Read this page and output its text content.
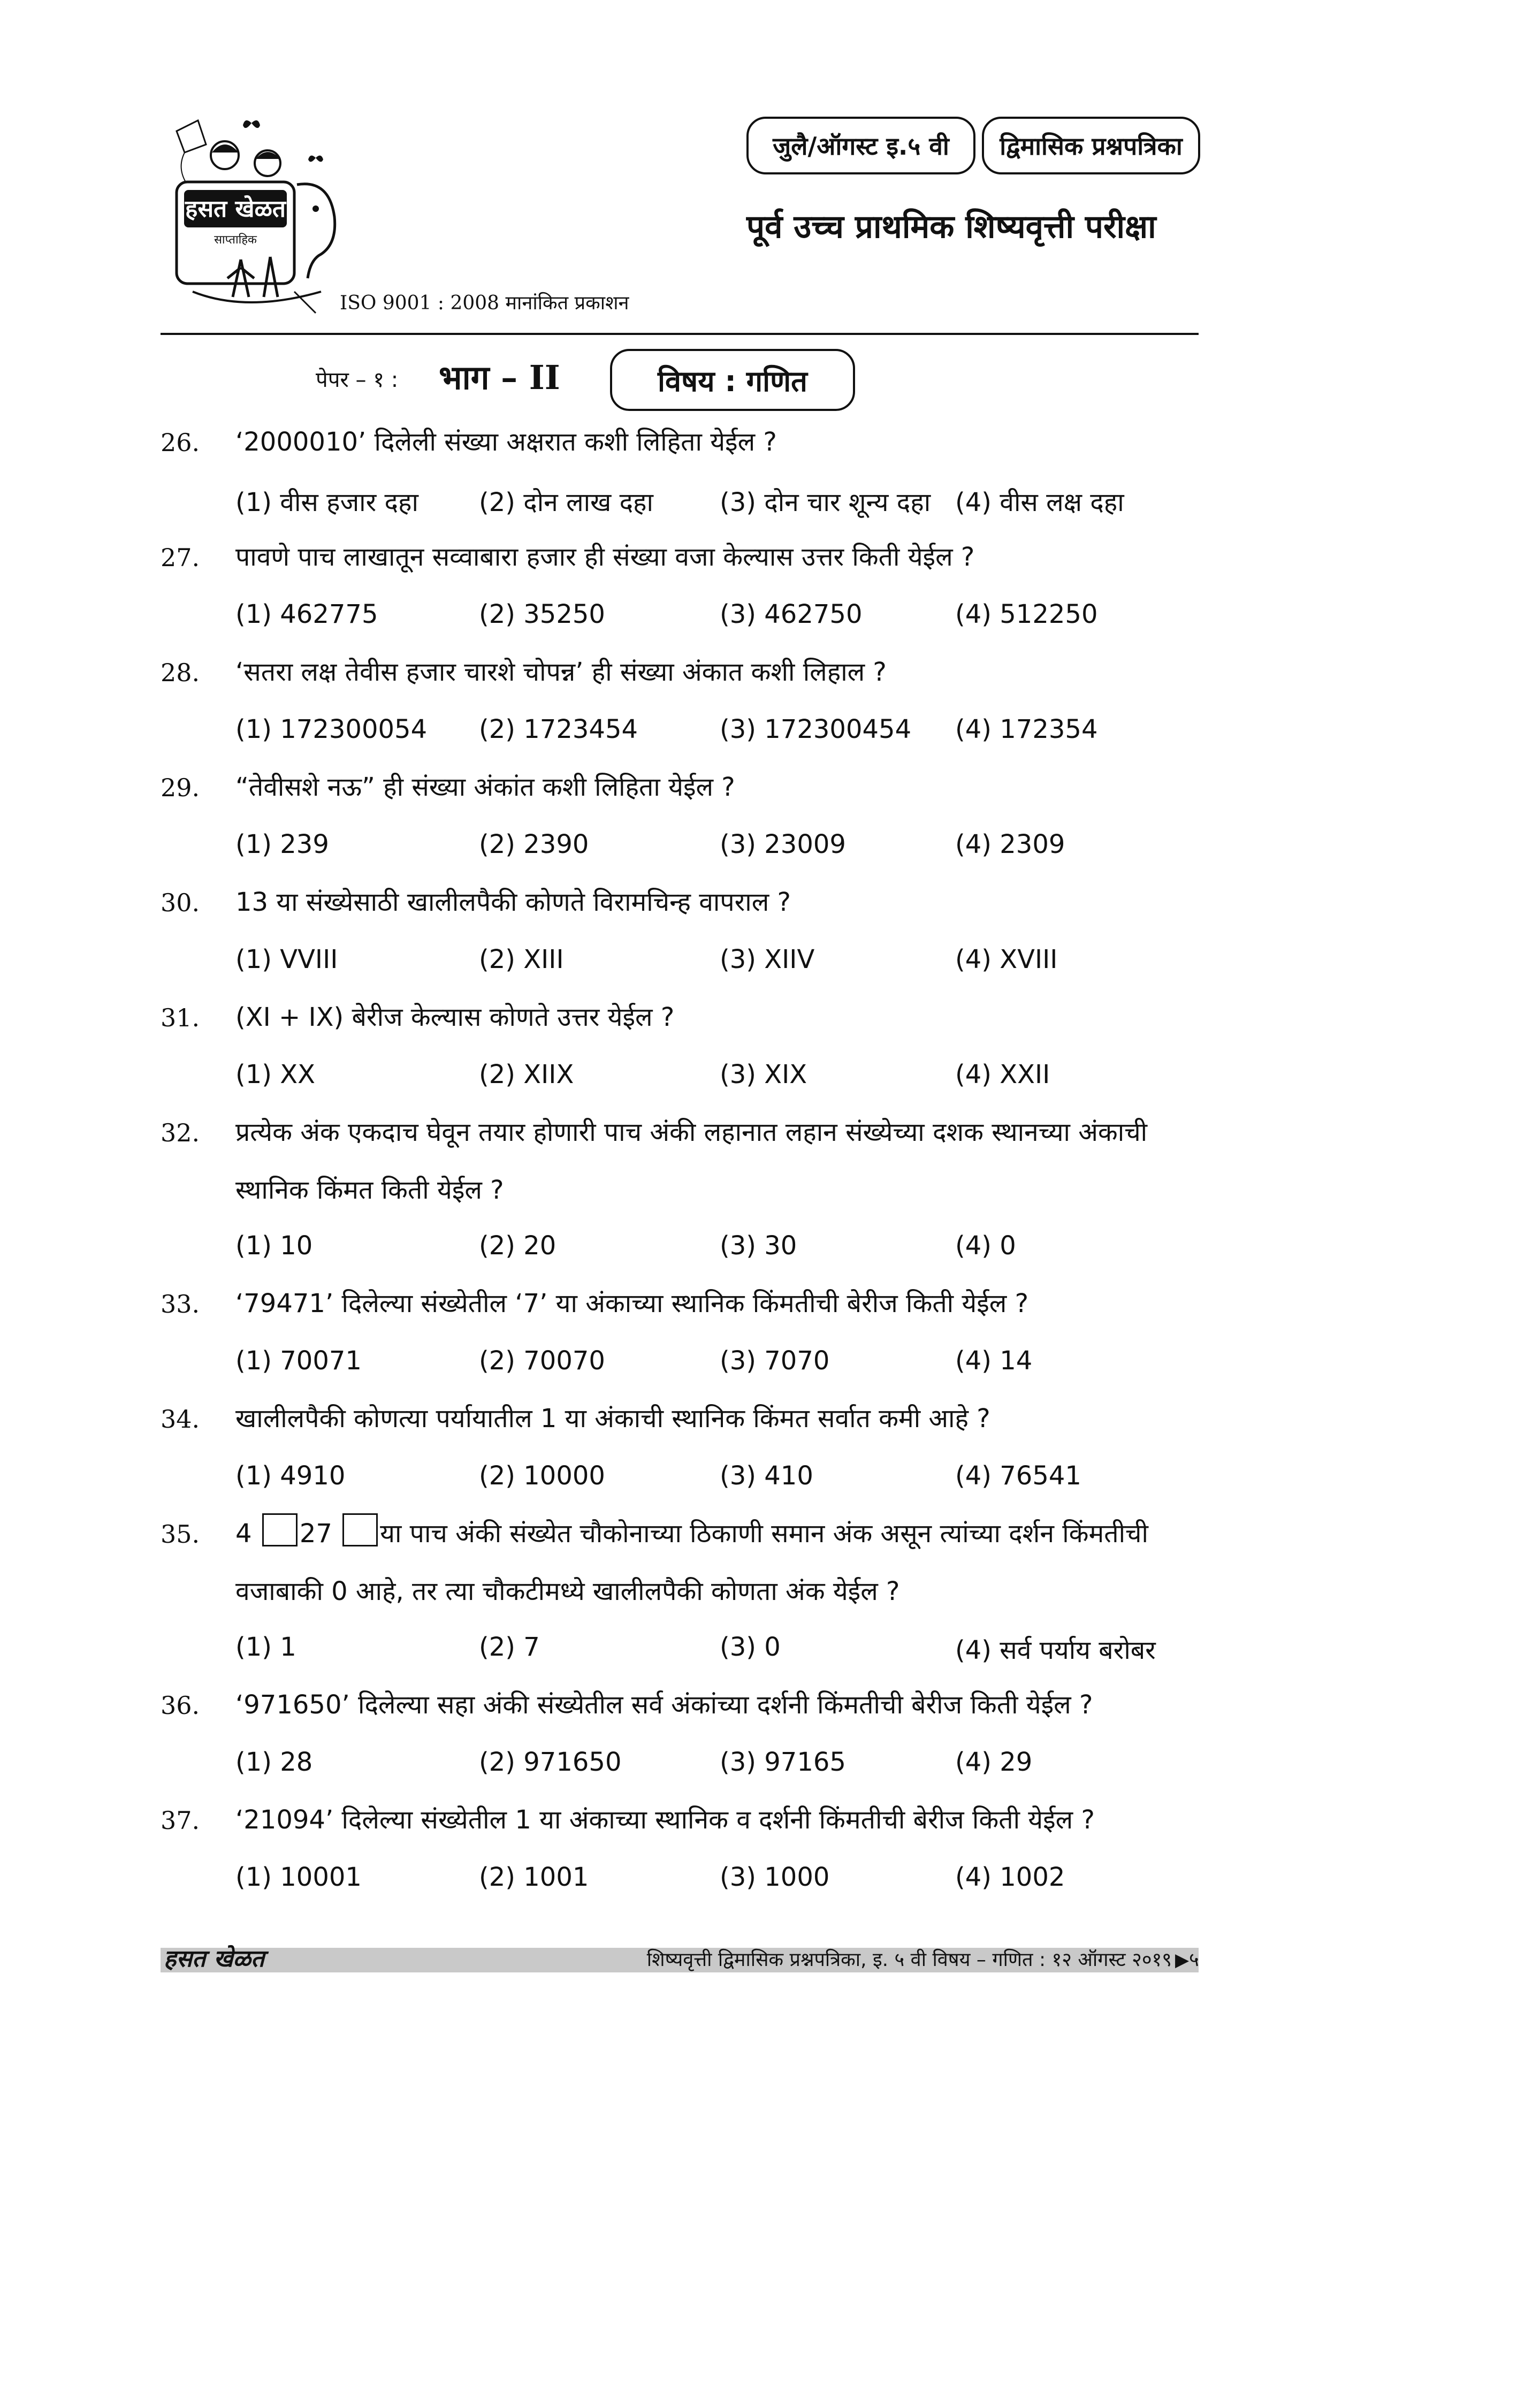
हसत खेळत
साप्ताहिक
ISO 9001 : 2008 मानांकित प्रकाशन
जुलै/ऑगस्ट इ.५ वी	द्विमासिक प्रश्नपत्रिका
पूर्व उच्च प्राथमिक शिष्यवृत्ती परीक्षा
पेपर – १ : भाग – II	विषय : गणित
26.	‘2000010’ दिलेली संख्या अक्षरात कशी लिहिता येईल ?
(1) वीस हजार दहा (2) दोन लाख दहा	(3) दोन चार शून्य दहा (4) वीस लक्ष दहा
27.	पावणे पाच लाखातून सव्वाबारा हजार ही संख्या वजा केल्यास उत्तर किती येईल ?
(1) 462775	(2) 35250	(3) 462750	(4) 512250
28.	‘सतरा लक्ष तेवीस हजार चारशे चोपन्न’ ही संख्या अंकात कशी लिहाल ?
(1) 172300054 (2) 1723454	(3) 172300454 (4) 172354
29.	“तेवीसशे नऊ” ही संख्या अंकांत कशी लिहिता येईल ?
(1) 239	(2) 2390	(3) 23009	(4) 2309
30.	13 या संख्येसाठी खालीलपैकी कोणते विरामचिन्ह वापराल ?
(1) VVIII	(2) XIII	(3) XIIV	(4) XVIII
31.	(XI + IX) बेरीज केल्यास कोणते उत्तर येईल ?
(1) XX	(2) XIIX	(3) XIX	(4) XXII
32.	प्रत्येक अंक एकदाच घेवून तयार होणारी पाच अंकी लहानात लहान संख्येच्या दशक स्थानच्या अंकाची स्थानिक किंमत किती येईल ?
(1) 10	(2) 20	(3) 30	(4) 0
33.	‘79471’ दिलेल्या संख्येतील ‘7’ या अंकाच्या स्थानिक किंमतीची बेरीज किती येईल ?
(1) 70071	(2) 70070	(3) 7070	(4) 14
34.	खालीलपैकी कोणत्या पर्यायातील 1 या अंकाची स्थानिक किंमत सर्वात कमी आहे ?
(1) 4910	(2) 10000	(3) 410	(4) 76541
35.	4 27 या पाच अंकी संख्येत चौकोनाच्या ठिकाणी समान अंक असून त्यांच्या दर्शन किंमतीची वजाबाकी 0 आहे, तर त्या चौकटीमध्ये खालीलपैकी कोणता अंक येईल ?
(1) 1	(2) 7	(3) 0	(4) सर्व पर्याय बरोबर
36.	‘971650’ दिलेल्या सहा अंकी संख्येतील सर्व अंकांच्या दर्शनी किंमतीची बेरीज किती येईल ?
(1) 28	(2) 971650	(3) 97165	(4) 29
37.	‘21094’ दिलेल्या संख्येतील 1 या अंकाच्या स्थानिक व दर्शनी किंमतीची बेरीज किती येईल ?
(1) 10001	(2) 1001	(3) 1000	(4) 1002
हसत खेळत	शिष्यवृत्ती द्विमासिक प्रश्नपत्रिका, इ. ५ वी विषय – गणित : १२ ऑगस्ट २०१९ ▶ ५
